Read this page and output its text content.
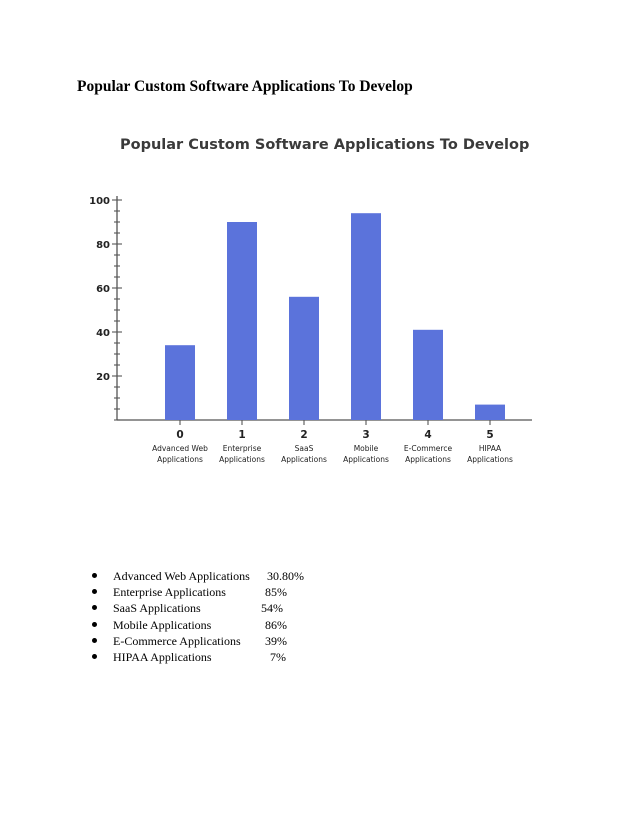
Popular Custom Software Applications To Develop
Popular Custom Software Applications To Develop
20
40
60
80
100
0
Advanced Web
Applications
1
Enterprise
Applications
2
SaaS
Applications
3
Mobile
Applications
4
E-Commerce
Applications
5
HIPAA
Applications
Advanced Web Applications 30.80%
Enterprise Applications	85%
SaaS Applications	54%
Mobile Applications	86%
E-Commerce Applications 39%
HIPAA Applications	7%
